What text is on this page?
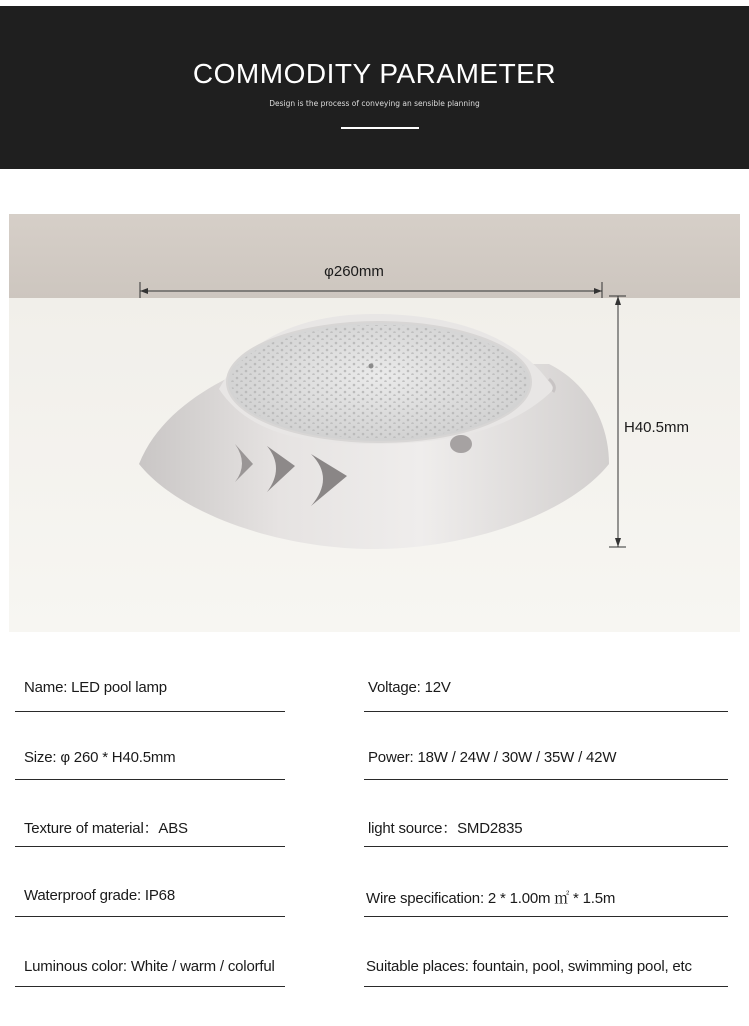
COMMODITY PARAMETER
Design is the process of conveying an sensible planning
φ260mm
H40.5mm
Name: LED pool lamp	Voltage: 12V
Size: φ 260 * H40.5mm	Power: 18W / 24W / 30W / 35W / 42W
Texture of material：ABS	light source：SMD2835
Waterproof grade: IP68	Wire specification: 2 * 1.00m ㎡ * 1.5m
Luminous color: White / warm / colorful	Suitable places: fountain, pool, swimming pool, etc
